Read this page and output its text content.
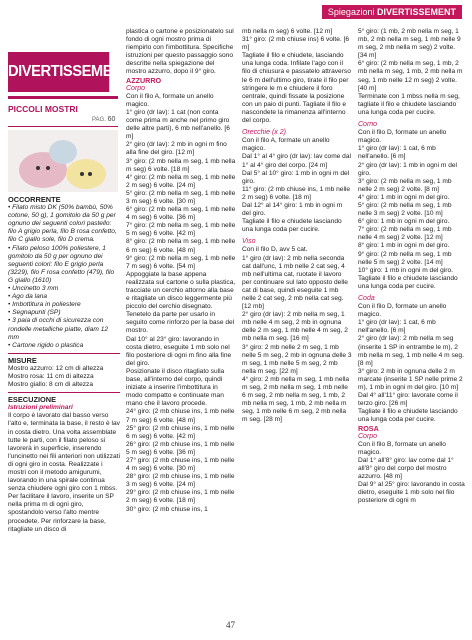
Spiegazioni DIVERTISSEMENT
DIVERTISSEMENT
PICCOLI MOSTRI
PAG. 60

OCCORRENTE

• Filato misto DK (50% bambù, 50% cotone, 50 g), 1 gomitolo da 50 g per ognuno dei seguenti colori pastello: filo A grigio perla, filo B rosa confetto, filo C giallo sole, filo D crema.
• Filato peloso 100% poliestere, 1 gomitolo da 50 g per ognuno dei seguenti colori: filo E grigio perla (3229), filo F rosa confetto (479), filo G giallo (1610)
• Uncinetto 3 mm
• Ago da lana
• Imbottitura in poliestere
• Segnapunti (SP)
• 3 paia di occhi di sicurezza con rondelle metalliche piatte, diam 12 mm
• Cartone rigido o plastica

MISURE

Mostro azzurro: 12 cm di altezza
Mostro rosa: 11 cm di altezza
Mostro giallo: 8 cm di altezza

ESECUZIONE

Istruzioni preliminari

Il corpo è lavorato dal basso verso l'alto e, terminata la base, il resto è lav in costa dietro. Una volta assemblate tutte le parti, con il filato peloso si lavorerà in superficie, inserendo l'uncinetto nei fili anteriori non utilizzati di ogni giro in costa. Realizzate i mostri con il metodo amigurumi, lavorando in una spirale continua senza chiudere ogni giro con 1 mbss. Per facilitare il lavoro, inserite un SP nella prima m di ogni giro, spostandolo verso l'alto mentre procedete. Per rinforzare la base, ritagliate un disco di

plastica o cartone e posizionatelo sul fondo di ogni mostro prima di riempirlo con l'imbottitura. Specifiche istruzioni per questo passaggio sono descritte nella spiegazione del mostro azzurro, dopo il 9° giro.

AZZURRO

Corpo

Con il filo A, formate un anello magico.
1° giro (dr lav): 1 cat (non conta come prima m anche nel primo giro delle altre parti), 6 mb nell'anello. [6 m]
2° giro (dr lav): 2 mb in ogni m fino alla fine del giro. [12 m]
3° giro: (2 mb nella m seg, 1 mb nella m seg) 6 volte. [18 m]
4° giro: (2 mb nella m seg, 1 mb nelle 2 m seg) 6 volte. [24 m]
5° giro: (2 mb nella m seg, 1 mb nelle 3 m seg) 6 volte. [30 m]
6° giro: (2 mb nella m seg, 1 mb nelle 4 m seg) 6 volte. [36 m]
7° giro: (2 mb nella m seg, 1 mb nelle 5 m seg) 6 volte. [42 m]
8° giro: (2 mb nella m seg, 1 mb nelle 6 m seg) 6 volte. [48 m]
9° giro: (2 mb nella m seg, 1 mb nelle 7 m seg) 6 volte. [54 m]
Appoggiate la base appena realizzata sul cartone o sulla plastica, tracciate un cerchio attorno alla base e ritagliate un disco leggermente più piccolo del cerchio disegnato. Tenetelo da parte per usarlo in seguito come rinforzo per la base del mostro.
Dal 10° al 23° giro: lavorando in costa dietro, eseguite 1 mb solo nel filo posteriore di ogni m fino alla fine del giro.
Posizionate il disco ritagliato sulla base, all'interno del corpo, quindi iniziate a inserire l'imbottitura in modo compatto e continuate man mano che il lavoro procede.
24° giro: (2 mb chiuse ins, 1 mb nelle 7 m seg) 6 volte. [48 m]
25° giro: (2 mb chiuse ins, 1 mb nelle 6 m seg) 6 volte. [42 m]
26° giro: (2 mb chiuse ins, 1 mb nelle 5 m seg) 6 volte. [36 m]
27° giro: (2 mb chiuse ins, 1 mb nelle 4 m seg) 6 volte. [30 m]
28° giro: (2 mb chiuse ins, 1 mb nelle 3 m seg) 6 volte. [24 m]
29° giro: (2 mb chiuse ins, 1 mb nelle 2 m seg) 6 volte. [18 m]
30° giro: (2 mb chiuse ins, 1

mb nella m seg) 6 volte. [12 m]
31° giro: (2 mb chiuse ins) 6 volte. [6 m]
Tagliate il filo e chiudete, lasciando una lunga coda. Infilate l'ago con il filo di chiusura e passatelo attraverso le 6 m dell'ultimo giro, tirate il filo per stringere le m e chiudere il foro centrale, quindi fissate la posizione con un paio di punti. Tagliate il filo e nascondete la rimanenza all'interno del corpo.

Orecchie (x 2)

Con il filo A, formate un anello magico.
Dal 1° al 4° giro (dr lav): lav come dal 1° al 4° giro del corpo. [24 m]
Dal 5° al 10° giro: 1 mb in ogni m del giro.
11° giro: (2 mb chiuse ins, 1 mb nelle 2 m seg) 6 volte. [18 m]
Dal 12° al 14° giro: 1 mb in ogni m del giro.
Tagliate il filo e chiudete lasciando una lunga coda per cucire.

Viso

Con il filo D, avv 5 cat.
1° giro (dr lav): 2 mb nella seconda cat dall'unc, 1 mb nelle 2 cat seg, 4 mb nell'ultima cat, ruotate il lavoro per continuare sul lato opposto delle cat di base, quindi eseguite 1 mb nelle 2 cat seg, 2 mb nella cat seg. [12 mb]
2° giro (dr lav): 2 mb nella m seg, 1 mb nelle 4 m seg, 2 mb in ognuna delle 2 m seg, 1 mb nelle 4 m seg, 2 mb nella m seg. [16 m]
3° giro: 2 mb nelle 2 m seg, 1 mb nelle 5 m seg, 2 mb in ognuna delle 3 m seg, 1 mb nelle 5 m seg, 2 mb nella m seg. [22 m]
4° giro: 2 mb nella m seg, 1 mb nella m seg, 2 mb nella m seg, 1 mb nelle 6 m seg, 2 mb nella m seg, 1 mb, 2 mb nella m seg, 1 mb, 2 mb nella m seg, 1 mb nelle 6 m seg, 2 mb nella m seg. [28 m]

5° giro: (1 mb, 2 mb nella m seg, 1 mb, 2 mb nella m seg, 1 mb nelle 9 m seg, 2 mb nella m seg) 2 volte. [34 m]
6° giro: (2 mb nella m seg, 1 mb, 2 mb nella m seg, 1 mb, 2 mb nella m seg, 1 mb nelle 12 m seg) 2 volte. [40 m]
Terminate con 1 mbss nella m seg, tagliate il filo e chiudete lasciando una lunga coda per cucire.

Corno

Con il filo D, formate un anello magico.
1° giro (dr lav): 1 cat, 6 mb nell'anello. [6 m]
2° giro (dr lav): 1 mb in ogni m del giro.
3° giro: (2 mb nella m seg, 1 mb nelle 2 m seg) 2 volte. [8 m]
4° giro: 1 mb in ogni m del giro.
5° giro: (2 mb nella m seg, 1 mb nelle 3 m seg) 2 volte. [10 m]
6° giro: 1 mb in ogni m del giro.
7° giro: (2 mb nella m seg, 1 mb nelle 4 m seg) 2 volte. [12 m]
8° giro: 1 mb in ogni m del giro.
9° giro: (2 mb nella m seg, 1 mb nelle 5 m seg) 2 volte. [14 m]
10° giro: 1 mb in ogni m del giro.
Tagliate il filo e chiudete lasciando una lunga coda per cucire.

Coda

Con il filo D, formate un anello magico.
1° giro (dr lav): 1 cat, 6 mb nell'anello. [6 m]
2° giro (dr lav): 2 mb nella m seg (inserite 1 SP in entrambe le m), 2 mb nella m seg, 1 mb nelle 4 m seg. [8 m]
3° giro: 2 mb in ognuna delle 2 m marcate (inserite 1 SP nelle prime 2 m), 1 mb in ogni m del giro. [10 m]
Dal 4° all'11° giro: lavorate come il terzo giro. [26 m]
Tagliate il filo e chiudete lasciando una lunga coda per cucire.

ROSA

Corpo

Con il filo B, formate un anello magico.
Dal 1° all'8° giro: lav come dal 1° all'8° giro del corpo del mostro azzurro. [48 m]
Dal 9° al 25° giro: lavorando in costa dietro, eseguite 1 mb solo nel filo posteriore di ogni m

47
